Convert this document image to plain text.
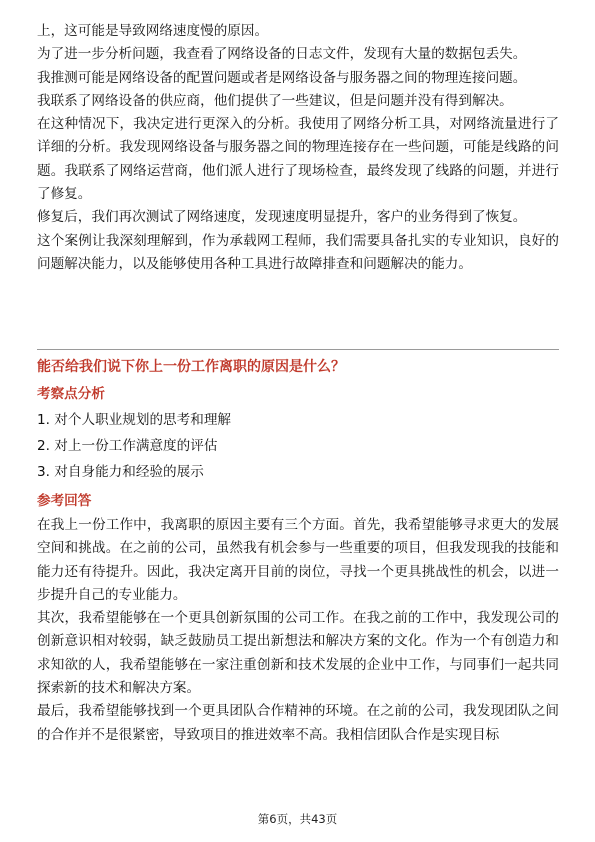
上，这可能是导致网络速度慢的原因。

为了进一步分析问题，我查看了网络设备的日志文件，发现有大量的数据包丢失。

我推测可能是网络设备的配置问题或者是网络设备与服务器之间的物理连接问题。

我联系了网络设备的供应商，他们提供了一些建议，但是问题并没有得到解决。

在这种情况下，我决定进行更深入的分析。我使用了网络分析工具，对网络流量进行了详细的分析。我发现网络设备与服务器之间的物理连接存在一些问题，可能是线路的问题。我联系了网络运营商，他们派人进行了现场检查，最终发现了线路的问题，并进行了修复。

修复后，我们再次测试了网络速度，发现速度明显提升，客户的业务得到了恢复。

这个案例让我深刻理解到，作为承载网工程师，我们需要具备扎实的专业知识，良好的问题解决能力，以及能够使用各种工具进行故障排查和问题解决的能力。

能否给我们说下你上一份工作离职的原因是什么？

考察点分析

1. 对个人职业规划的思考和理解

2. 对上一份工作满意度的评估

3. 对自身能力和经验的展示

参考回答

在我上一份工作中，我离职的原因主要有三个方面。首先，我希望能够寻求更大的发展空间和挑战。在之前的公司，虽然我有机会参与一些重要的项目，但我发现我的技能和能力还有待提升。因此，我决定离开目前的岗位，寻找一个更具挑战性的机会，以进一步提升自己的专业能力。

其次，我希望能够在一个更具创新氛围的公司工作。在我之前的工作中，我发现公司的创新意识相对较弱，缺乏鼓励员工提出新想法和解决方案的文化。作为一个有创造力和求知欲的人，我希望能够在一家注重创新和技术发展的企业中工作，与同事们一起共同探索新的技术和解决方案。

最后，我希望能够找到一个更具团队合作精神的环境。在之前的公司，我发现团队之间的合作并不是很紧密，导致项目的推进效率不高。我相信团队合作是实现目标

第6页，共43页
